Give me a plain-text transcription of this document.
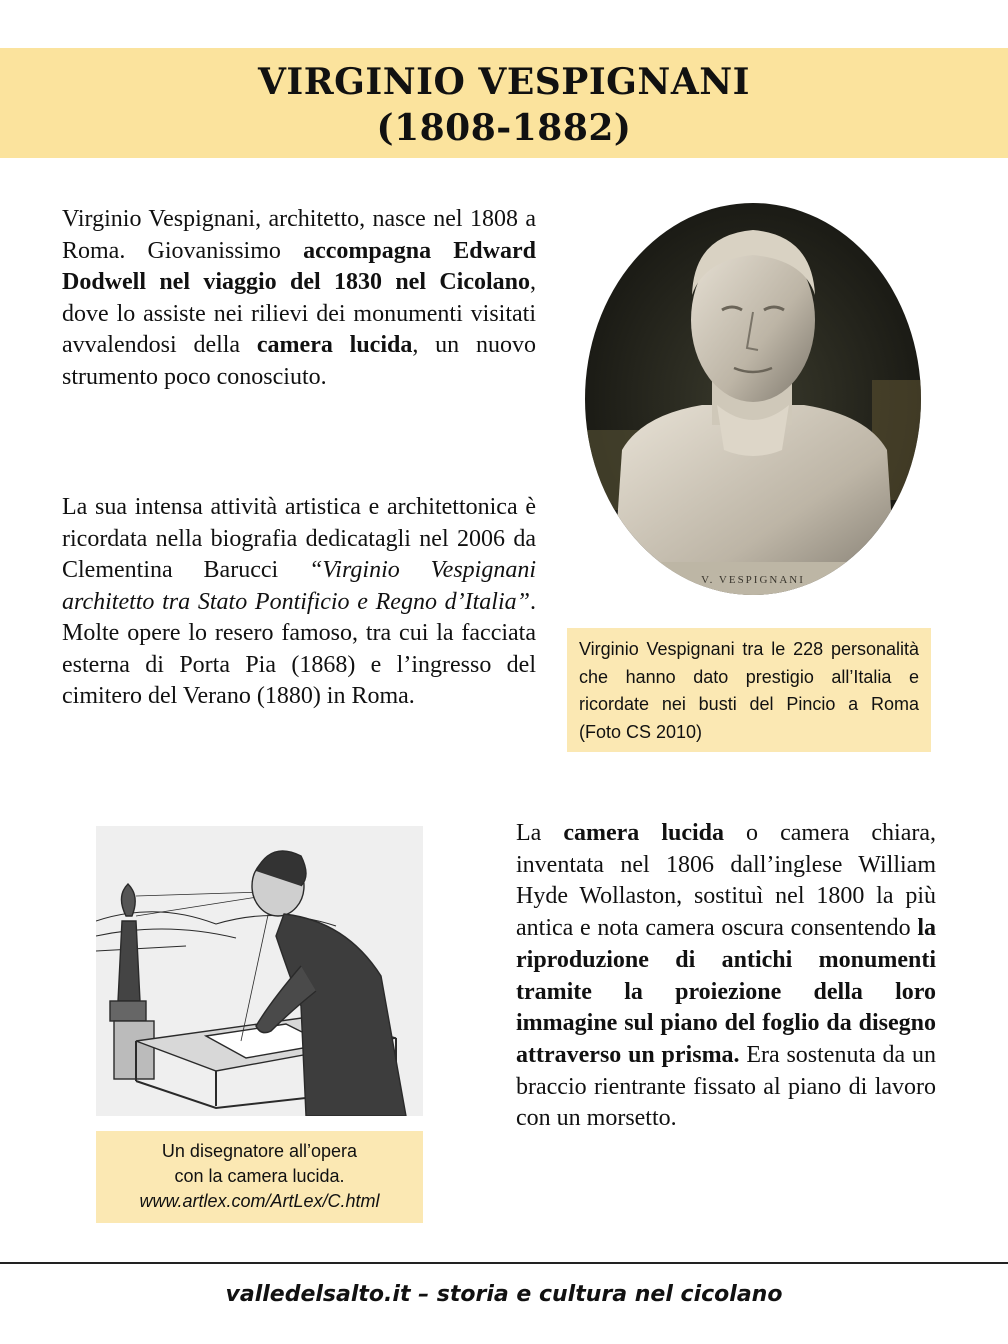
VIRGINIO VESPIGNANI
(1808-1882)

Virginio Vespignani, architetto, nasce nel 1808 a Roma. Giovanissimo accompagna Edward Dodwell nel viaggio del 1830 nel Cicolano, dove lo assiste nei rilievi dei monumenti visitati avvalendosi della camera lucida, un nuovo strumento poco conosciuto.

La sua intensa attività artistica e architettonica è ricordata nella biografia dedicatagli nel 2006 da Clementina Barucci “Virginio Vespignani architetto tra Stato Pontificio e Regno d’Italia”. Molte opere lo resero famoso, tra cui la facciata esterna di Porta Pia (1868) e l’ingresso del cimitero del Verano (1880) in Roma.

V. VESPIGNANI
Virginio Vespignani tra le 228 personalità che hanno dato prestigio all’Italia e ricordate nei busti del Pincio a Roma (Foto CS 2010)
Un disegnatore all’opera
con la camera lucida.
www.artlex.com/ArtLex/C.html

La camera lucida o camera chiara, inventata nel 1806 dall’inglese William Hyde Wollaston, sostituì nel 1800 la più antica e nota camera oscura consentendo la riproduzione di antichi monumenti tramite la proiezione della loro immagine sul piano del foglio da disegno attraverso un prisma. Era sostenuta da un braccio rientrante fissato al piano di lavoro con un morsetto.

valledelsalto.it – storia e cultura nel cicolano
